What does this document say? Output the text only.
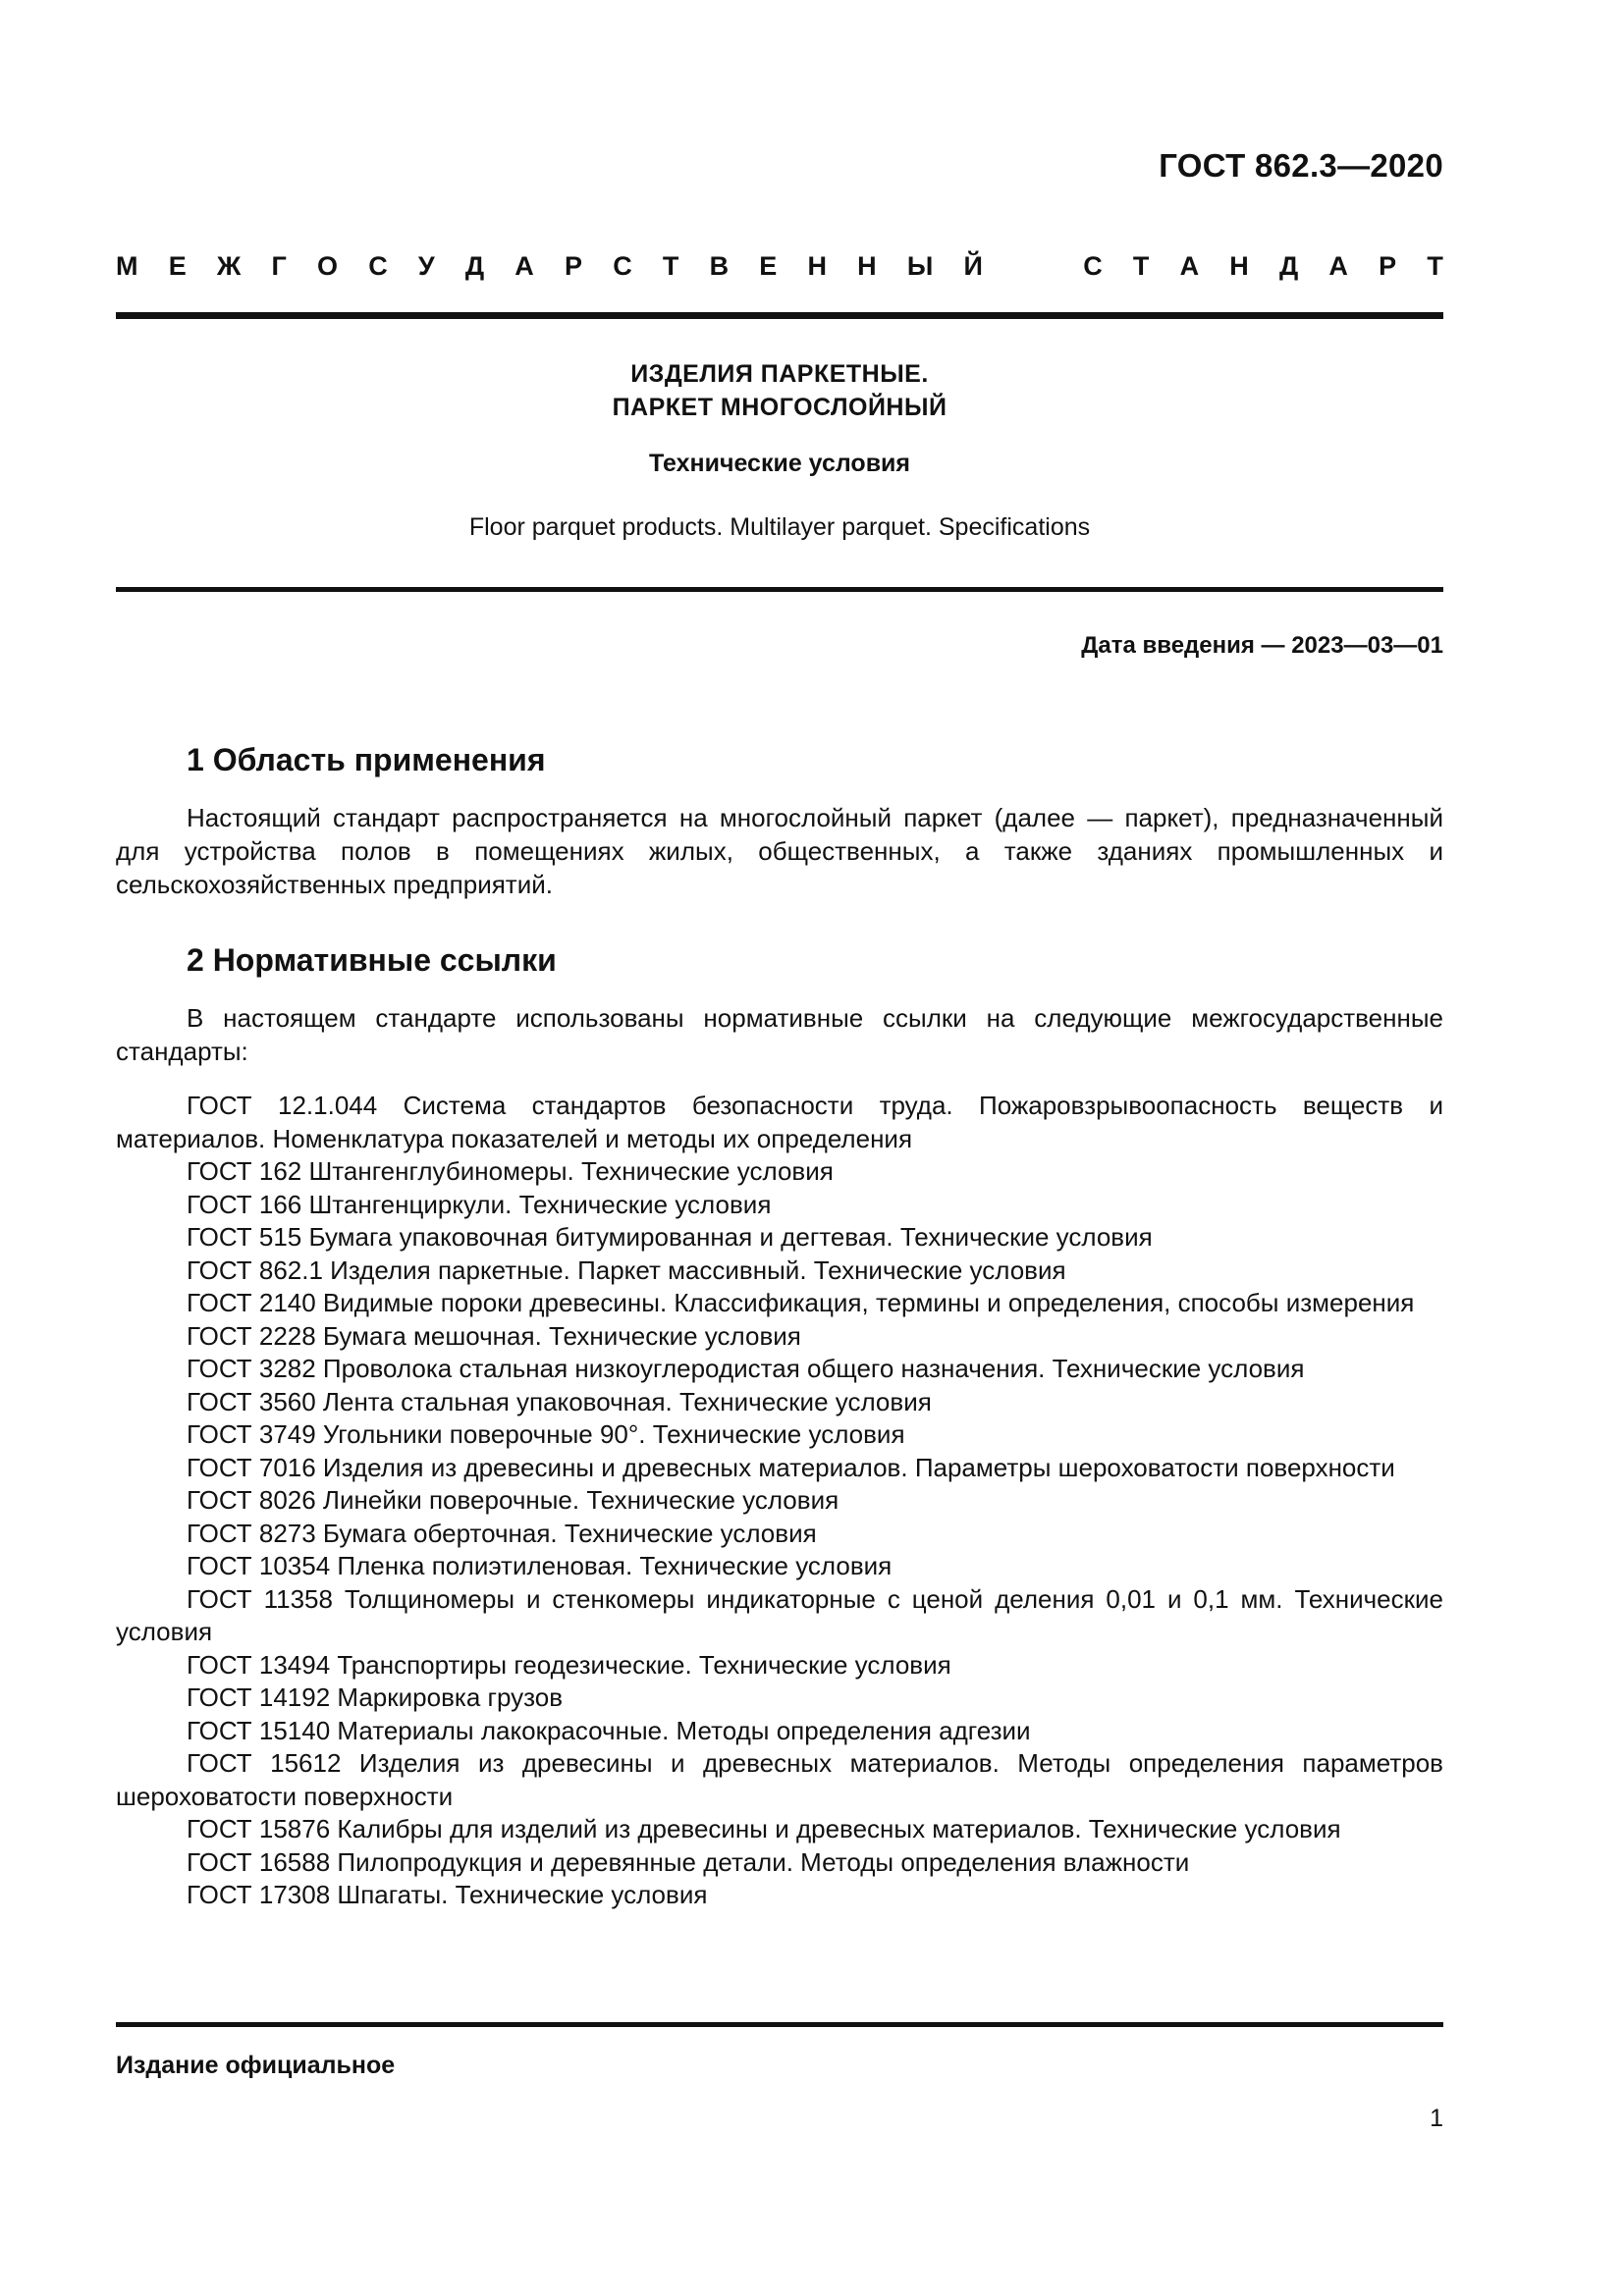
ГОСТ 862.3—2020
М Е Ж Г О С У Д А Р С Т В Е Н Н Ы Й	С Т А Н Д А Р Т
ИЗДЕЛИЯ ПАРКЕТНЫЕ.
ПАРКЕТ МНОГОСЛОЙНЫЙ
Технические условия
Floor parquet products. Multilayer parquet. Specifications
Дата введения — 2023—03—01
1 Область применения

Настоящий стандарт распространяется на многослойный паркет (далее — паркет), предназначенный для устройства полов в помещениях жилых, общественных, а также зданиях промышленных и сельскохозяйственных предприятий.

2 Нормативные ссылки

В настоящем стандарте использованы нормативные ссылки на следующие межгосударственные стандарты:

ГОСТ 12.1.044 Система стандартов безопасности труда. Пожаровзрывоопасность веществ и материалов. Номенклатура показателей и методы их определения

ГОСТ 162 Штангенглубиномеры. Технические условия

ГОСТ 166 Штангенциркули. Технические условия

ГОСТ 515 Бумага упаковочная битумированная и дегтевая. Технические условия

ГОСТ 862.1 Изделия паркетные. Паркет массивный. Технические условия

ГОСТ 2140 Видимые пороки древесины. Классификация, термины и определения, способы измерения

ГОСТ 2228 Бумага мешочная. Технические условия

ГОСТ 3282 Проволока стальная низкоуглеродистая общего назначения. Технические условия

ГОСТ 3560 Лента стальная упаковочная. Технические условия

ГОСТ 3749 Угольники поверочные 90°. Технические условия

ГОСТ 7016 Изделия из древесины и древесных материалов. Параметры шероховатости поверхности

ГОСТ 8026 Линейки поверочные. Технические условия

ГОСТ 8273 Бумага оберточная. Технические условия

ГОСТ 10354 Пленка полиэтиленовая. Технические условия

ГОСТ 11358 Толщиномеры и стенкомеры индикаторные с ценой деления 0,01 и 0,1 мм. Технические условия

ГОСТ 13494 Транспортиры геодезические. Технические условия

ГОСТ 14192 Маркировка грузов

ГОСТ 15140 Материалы лакокрасочные. Методы определения адгезии

ГОСТ 15612 Изделия из древесины и древесных материалов. Методы определения параметров шероховатости поверхности

ГОСТ 15876 Калибры для изделий из древесины и древесных материалов. Технические условия

ГОСТ 16588 Пилопродукция и деревянные детали. Методы определения влажности

ГОСТ 17308 Шпагаты. Технические условия

Издание официальное
1
